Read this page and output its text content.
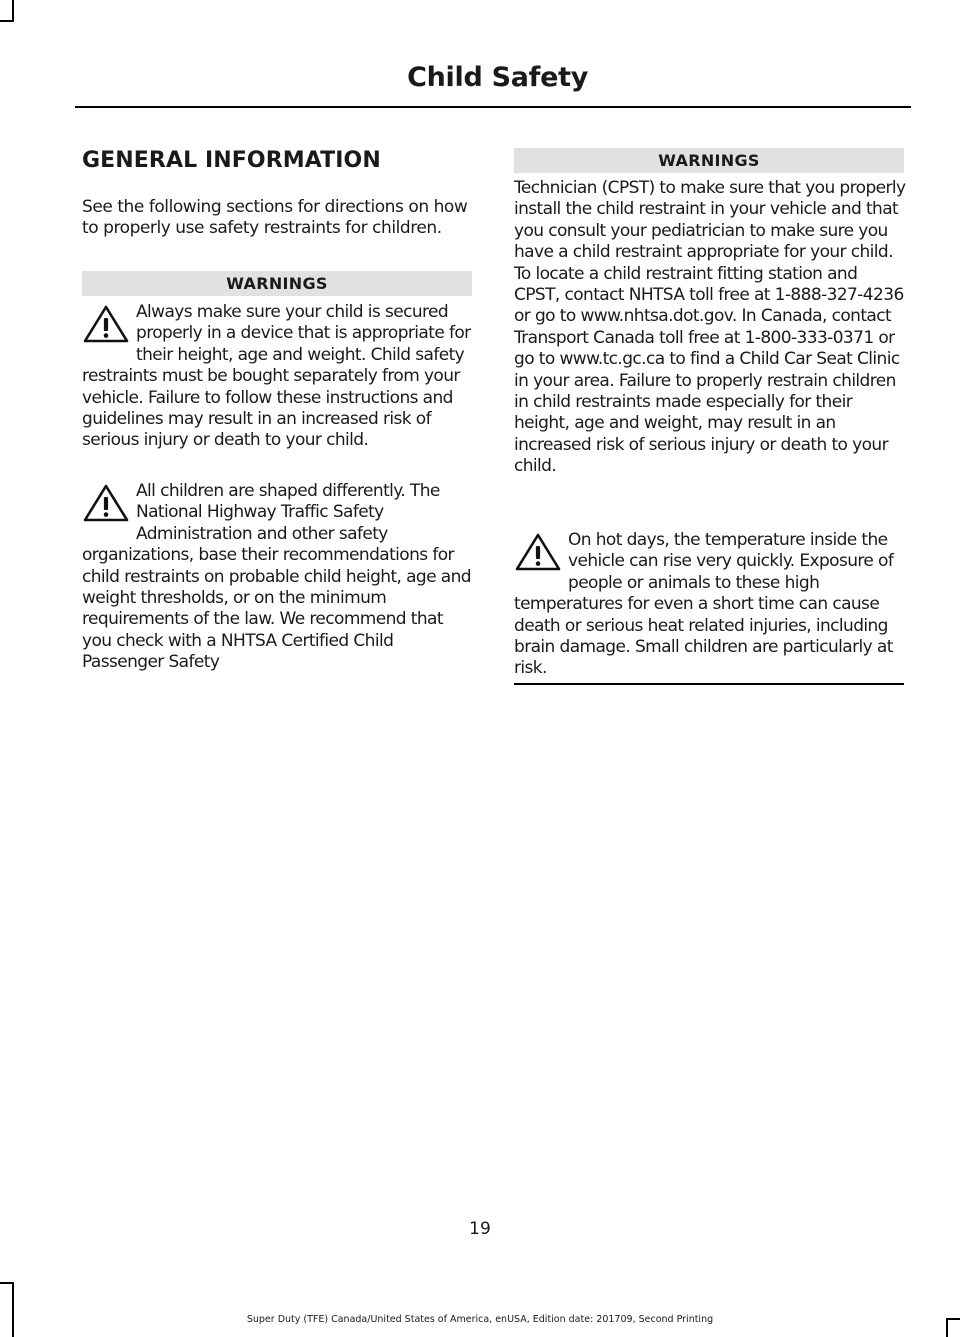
Child Safety
GENERAL INFORMATION

See the following sections for directions on how to properly use safety restraints for children.

WARNINGS
Always make sure your child is secured properly in a device that is appropriate for their height, age and weight. Child safety restraints must be bought separately from your vehicle. Failure to follow these instructions and guidelines may result in an increased risk of serious injury or death to your child.
All children are shaped differently. The National Highway Traffic Safety Administration and other safety organizations, base their recommendations for child restraints on probable child height, age and weight thresholds, or on the minimum requirements of the law. We recommend that you check with a NHTSA Certified Child Passenger Safety
WARNINGS

Technician (CPST) to make sure that you properly install the child restraint in your vehicle and that you consult your pediatrician to make sure you have a child restraint appropriate for your child. To locate a child restraint fitting station and CPST, contact NHTSA toll free at 1-888-327-4236 or go to www.nhtsa.dot.gov. In Canada, contact Transport Canada toll free at 1-800-333-0371 or go to www.tc.gc.ca to find a Child Car Seat Clinic in your area. Failure to properly restrain children in child restraints made especially for their height, age and weight, may result in an increased risk of serious injury or death to your child.

On hot days, the temperature inside the vehicle can rise very quickly. Exposure of people or animals to these high temperatures for even a short time can cause death or serious heat related injuries, including brain damage. Small children are particularly at risk.
19
Super Duty (TFE) Canada/United States of America, enUSA, Edition date: 201709, Second Printing
